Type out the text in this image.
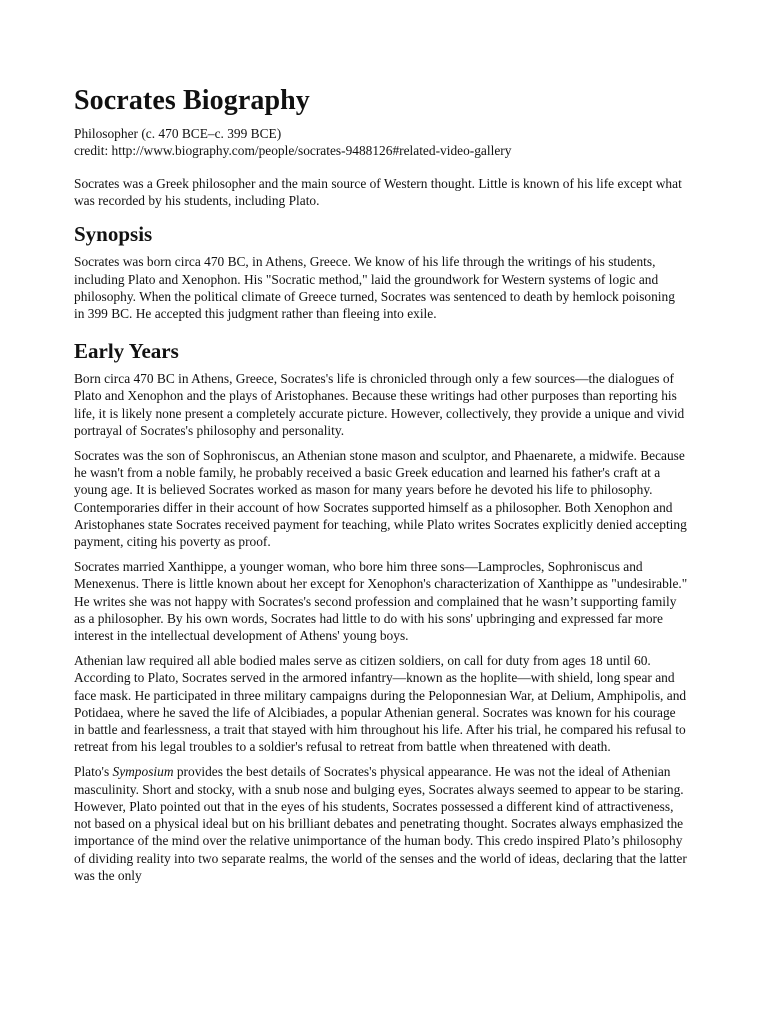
Socrates Biography

Philosopher (c. 470 BCE–c. 399 BCE)

credit: http://www.biography.com/people/socrates-9488126#related-video-gallery

Socrates was a Greek philosopher and the main source of Western thought. Little is known of his life except what was recorded by his students, including Plato.

Synopsis

Socrates was born circa 470 BC, in Athens, Greece. We know of his life through the writings of his students, including Plato and Xenophon. His "Socratic method," laid the groundwork for Western systems of logic and philosophy. When the political climate of Greece turned, Socrates was sentenced to death by hemlock poisoning in 399 BC. He accepted this judgment rather than fleeing into exile.

Early Years

Born circa 470 BC in Athens, Greece, Socrates's life is chronicled through only a few sources—the dialogues of Plato and Xenophon and the plays of Aristophanes. Because these writings had other purposes than reporting his life, it is likely none present a completely accurate picture. However, collectively, they provide a unique and vivid portrayal of Socrates's philosophy and personality.

Socrates was the son of Sophroniscus, an Athenian stone mason and sculptor, and Phaenarete, a midwife. Because he wasn't from a noble family, he probably received a basic Greek education and learned his father's craft at a young age. It is believed Socrates worked as mason for many years before he devoted his life to philosophy. Contemporaries differ in their account of how Socrates supported himself as a philosopher. Both Xenophon and Aristophanes state Socrates received payment for teaching, while Plato writes Socrates explicitly denied accepting payment, citing his poverty as proof.

Socrates married Xanthippe, a younger woman, who bore him three sons—Lamprocles, Sophroniscus and Menexenus. There is little known about her except for Xenophon's characterization of Xanthippe as "undesirable." He writes she was not happy with Socrates's second profession and complained that he wasn’t supporting family as a philosopher. By his own words, Socrates had little to do with his sons' upbringing and expressed far more interest in the intellectual development of Athens' young boys.

Athenian law required all able bodied males serve as citizen soldiers, on call for duty from ages 18 until 60. According to Plato, Socrates served in the armored infantry—known as the hoplite—with shield, long spear and face mask. He participated in three military campaigns during the Peloponnesian War, at Delium, Amphipolis, and Potidaea, where he saved the life of Alcibiades, a popular Athenian general. Socrates was known for his courage in battle and fearlessness, a trait that stayed with him throughout his life. After his trial, he compared his refusal to retreat from his legal troubles to a soldier's refusal to retreat from battle when threatened with death.

Plato's Symposium provides the best details of Socrates's physical appearance. He was not the ideal of Athenian masculinity. Short and stocky, with a snub nose and bulging eyes, Socrates always seemed to appear to be staring. However, Plato pointed out that in the eyes of his students, Socrates possessed a different kind of attractiveness, not based on a physical ideal but on his brilliant debates and penetrating thought. Socrates always emphasized the importance of the mind over the relative unimportance of the human body. This credo inspired Plato’s philosophy of dividing reality into two separate realms, the world of the senses and the world of ideas, declaring that the latter was the only
